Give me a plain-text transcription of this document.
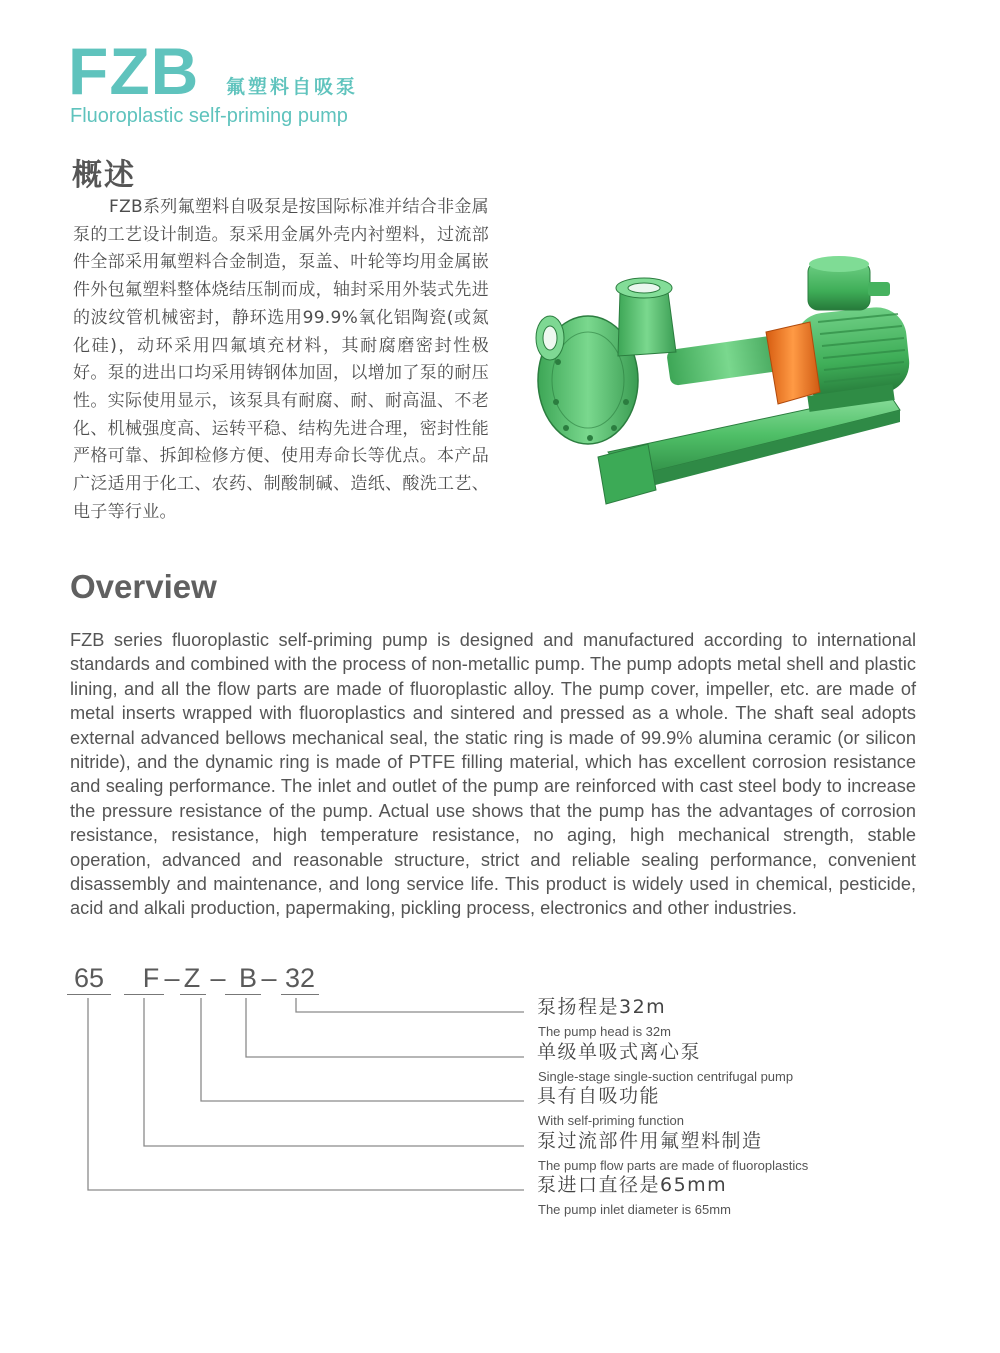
FZB 氟塑料自吸泵
Fluoroplastic self-priming pump
概述
FZB系列氟塑料自吸泵是按国际标准并结合非金属泵的工艺设计制造。泵采用金属外壳内衬塑料，过流部件全部采用氟塑料合金制造，泵盖、叶轮等均用金属嵌件外包氟塑料整体烧结压制而成，轴封采用外装式先进的波纹管机械密封，静环选用99.9%氧化铝陶瓷(或氮化硅)，动环采用四氟填充材料，其耐腐磨密封性极好。泵的进出口均采用铸钢体加固，以增加了泵的耐压性。实际使用显示，该泵具有耐腐、耐、耐高温、不老化、机械强度高、运转平稳、结构先进合理，密封性能严格可靠、拆卸检修方便、使用寿命长等优点。本产品广泛适用于化工、农药、制酸制碱、造纸、酸洗工艺、电子等行业。
Overview
FZB series fluoroplastic self-priming pump is designed and manufactured according to international standards and combined with the process of non-metallic pump. The pump adopts metal shell and plastic lining, and all the flow parts are made of fluoroplastic alloy. The pump cover, impeller, etc. are made of metal inserts wrapped with fluoroplastics and sintered and pressed as a whole. The shaft seal adopts external advanced bellows mechanical seal, the static ring is made of 99.9% alumina ceramic (or silicon nitride), and the dynamic ring is made of PTFE filling material, which has excellent corrosion resistance and sealing performance. The inlet and outlet of the pump are reinforced with cast steel body to increase the pressure resistance of the pump. Actual use shows that the pump has the advantages of corrosion resistance, resistance, high temperature resistance, no aging, high mechanical strength, stable operation, advanced and reasonable structure, strict and reliable sealing performance, convenient disassembly and maintenance, and long service life. This product is widely used in chemical, pesticide, acid and alkali production, papermaking, pickling process, electronics and other industries.
65 F – Z – B – 32
泵扬程是32m
The pump head is 32m
单级单吸式离心泵
Single-stage single-suction centrifugal pump
具有自吸功能
With self-priming function
泵过流部件用氟塑料制造
The pump flow parts are made of fluoroplastics
泵进口直径是65mm
The pump inlet diameter is 65mm
